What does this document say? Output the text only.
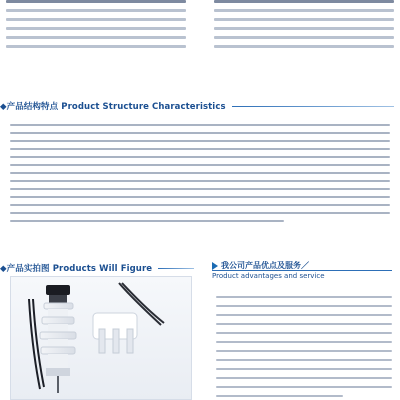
◆产品结构特点 Product Structure Characteristics
◆产品实拍图 Products Will Figure	我公司产品优点及服务／
Product advantages and service
